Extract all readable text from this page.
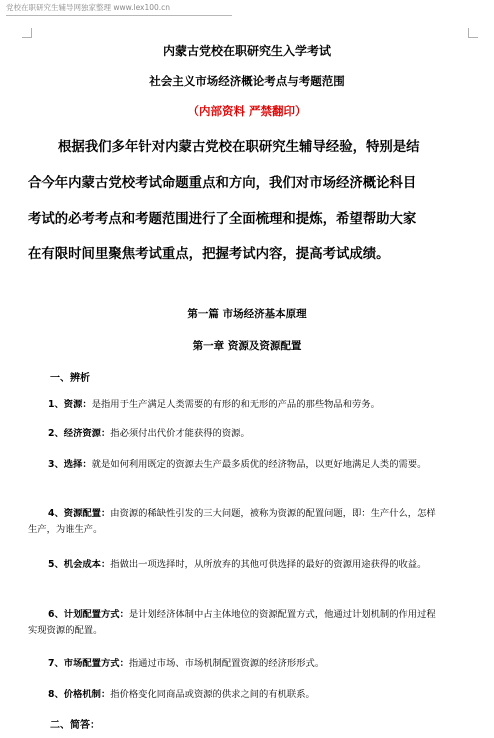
党校在职研究生辅导网独家整理 www.lex100.cn
内蒙古党校在职研究生入学考试
社会主义市场经济概论考点与考题范围
（内部资料 严禁翻印）
根据我们多年针对内蒙古党校在职研究生辅导经验，特别是结
合今年内蒙古党校考试命题重点和方向，我们对市场经济概论科目
考试的必考考点和考题范围进行了全面梳理和提炼，希望帮助大家
在有限时间里聚焦考试重点，把握考试内容，提高考试成绩。
第一篇 市场经济基本原理
第一章 资源及资源配置
一、辨析
1、资源：是指用于生产满足人类需要的有形的和无形的产品的那些物品和劳务。
2、经济资源：指必须付出代价才能获得的资源。
3、选择：就是如何利用既定的资源去生产最多质优的经济物品，以更好地满足人类的需要。
4、资源配置：由资源的稀缺性引发的三大问题，被称为资源的配置问题，即：生产什么，怎样生产，为谁生产。
5、机会成本：指做出一项选择时，从所放弃的其他可供选择的最好的资源用途获得的收益。
6、计划配置方式：是计划经济体制中占主体地位的资源配置方式，他通过计划机制的作用过程实现资源的配置。
7、市场配置方式：指通过市场、市场机制配置资源的经济形形式。
8、价格机制：指价格变化同商品或资源的供求之间的有机联系。
二、简答：
